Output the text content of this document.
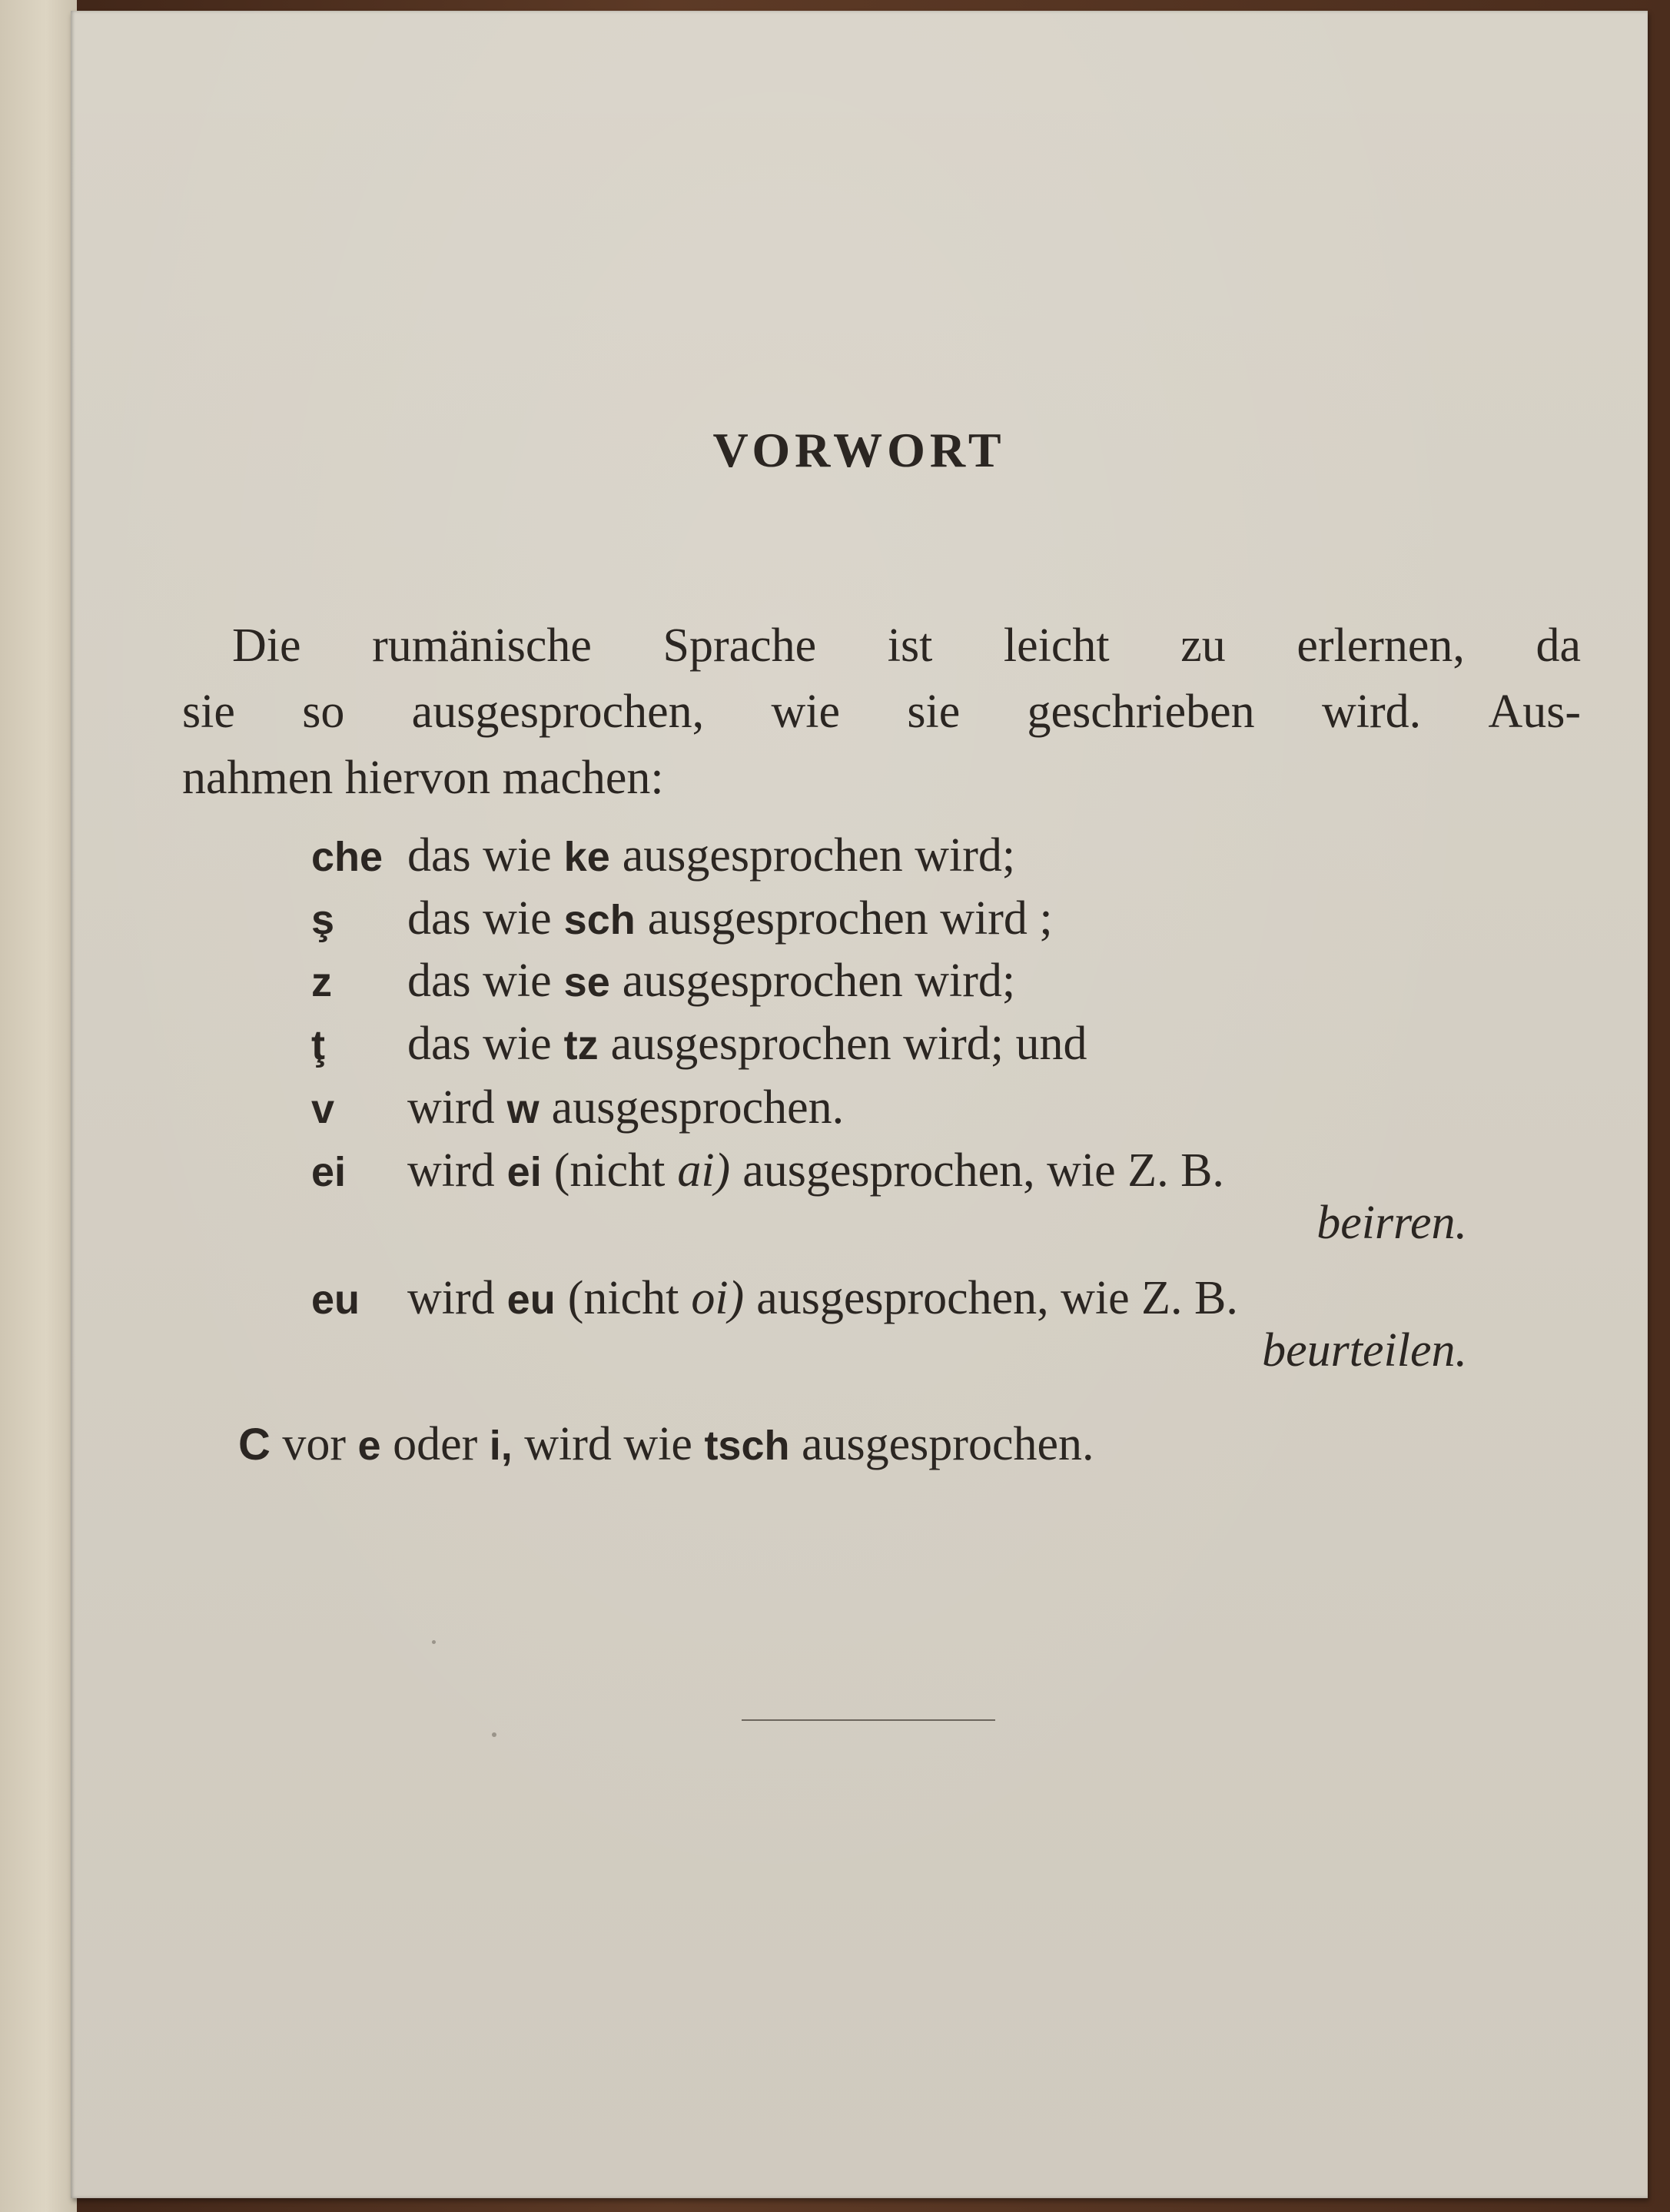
VORWORT
Die rumänische Sprache ist leicht zu erlernen, da
sie so ausgesprochen, wie sie geschrieben wird. Aus-
nahmen hiervon machen:
che das wie ke ausgesprochen wird;
ş das wie sch ausgesprochen wird ;
z das wie se ausgesprochen wird;
ţ das wie tz ausgesprochen wird; und
v wird w ausgesprochen.
ei wird ei (nicht ai) ausgesprochen, wie Z. B.
beirren.
eu wird eu (nicht oi) ausgesprochen, wie Z. B.
beurteilen.
C vor e oder i, wird wie tsch ausgesprochen.
